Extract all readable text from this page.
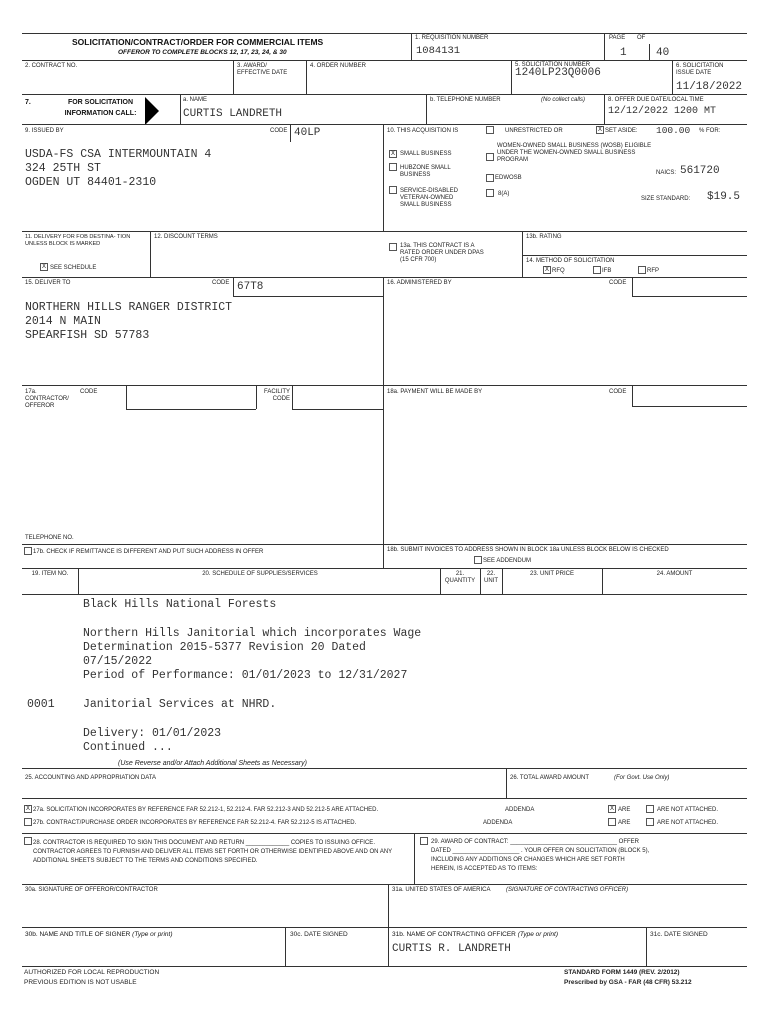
SOLICITATION/CONTRACT/ORDER FOR COMMERCIAL ITEMS
OFFEROR TO COMPLETE BLOCKS 12, 17, 23, 24, & 30
1. REQUISITION NUMBER
1084131
PAGE OF
1	40
2. CONTRACT NO.	3. AWARD/ EFFECTIVE DATE
4. ORDER NUMBER	5. SOLICITATION NUMBER
1240LP23Q0006
6. SOLICITATION ISSUE DATE
11/18/2022
7.	FOR SOLICITATION INFORMATION CALL:
a. NAME
CURTIS LANDRETH
b. TELEPHONE NUMBER	(No collect calls)	8. OFFER DUE DATE/LOCAL TIME
12/12/2022 1200 MT
9. ISSUED BY	CODE 40LP
USDA-FS CSA INTERMOUNTAIN 4
324 25TH ST
OGDEN UT 84401-2310
10. THIS ACQUISITION IS	UNRESTRICTED OR	X SET ASIDE: 100.00 % FOR:
X SMALL BUSINESS
HUBZONE SMALL BUSINESS
SERVICE-DISABLED VETERAN-OWNED SMALL BUSINESS
WOMEN-OWNED SMALL BUSINESS (WOSB) ELIGIBLE UNDER THE WOMEN-OWNED SMALL BUSINESS PROGRAM
EDWOSB
8(A)
NAICS: 561720
SIZE STANDARD: $19.5
11. DELIVERY FOR FOB DESTINA- TION UNLESS BLOCK IS MARKED
X SEE SCHEDULE
12. DISCOUNT TERMS
13a. THIS CONTRACT IS A RATED ORDER UNDER DPAS (15 CFR 700)
13b. RATING
14. METHOD OF SOLICITATION
X RFQ	IFB	RFP
15. DELIVER TO	CODE 67T8
NORTHERN HILLS RANGER DISTRICT
2014 N MAIN
SPEARFISH SD 57783
16. ADMINISTERED BY	CODE
17a. CONTRACTOR/ OFFEROR
CODE	FACILITY CODE
TELEPHONE NO.
17b. CHECK IF REMITTANCE IS DIFFERENT AND PUT SUCH ADDRESS IN OFFER
18a. PAYMENT WILL BE MADE BY	CODE
18b. SUBMIT INVOICES TO ADDRESS SHOWN IN BLOCK 18a UNLESS BLOCK BELOW IS CHECKED
SEE ADDENDUM
19. ITEM NO.	20. SCHEDULE OF SUPPLIES/SERVICES	21. QUANTITY
22. UNIT
23. UNIT PRICE	24. AMOUNT
Black Hills National Forests
Northern Hills Janitorial which incorporates Wage
Determination 2015-5377 Revision 20 Dated
07/15/2022
Period of Performance: 01/01/2023 to 12/31/2027
0001 Janitorial Services at NHRD.
Delivery: 01/01/2023
Continued ...
(Use Reverse and/or Attach Additional Sheets as Necessary)
25. ACCOUNTING AND APPROPRIATION DATA	26. TOTAL AWARD AMOUNT	(For Govt. Use Only)
X 27a. SOLICITATION INCORPORATES BY REFERENCE FAR 52.212-1, 52.212-4. FAR 52.212-3 AND 52.212-5 ARE ATTACHED.	ADDENDA	X ARE	ARE NOT ATTACHED.
27b. CONTRACT/PURCHASE ORDER INCORPORATES BY REFERENCE FAR 52.212-4. FAR 52.212-5 IS ATTACHED.	ADDENDA	ARE	ARE NOT ATTACHED.
28. CONTRACTOR IS REQUIRED TO SIGN THIS DOCUMENT AND RETURN _____________ COPIES TO ISSUING OFFICE. CONTRACTOR AGREES TO FURNISH AND DELIVER ALL ITEMS SET FORTH OR OTHERWISE IDENTIFIED ABOVE AND ON ANY ADDITIONAL SHEETS SUBJECT TO THE TERMS AND CONDITIONS SPECIFIED.
29. AWARD OF CONTRACT: ________________________________ OFFER
DATED ____________________ . YOUR OFFER ON SOLICITATION (BLOCK 5),
INCLUDING ANY ADDITIONS OR CHANGES WHICH ARE SET FORTH
HEREIN, IS ACCEPTED AS TO ITEMS:
30a. SIGNATURE OF OFFEROR/CONTRACTOR	31a. UNITED STATES OF AMERICA	(SIGNATURE OF CONTRACTING OFFICER)
30b. NAME AND TITLE OF SIGNER (Type or print)	30c. DATE SIGNED	31b. NAME OF CONTRACTING OFFICER (Type or print)
CURTIS R. LANDRETH
31c. DATE SIGNED
AUTHORIZED FOR LOCAL REPRODUCTION
PREVIOUS EDITION IS NOT USABLE
STANDARD FORM 1449 (REV. 2/2012)
Prescribed by GSA - FAR (48 CFR) 53.212
